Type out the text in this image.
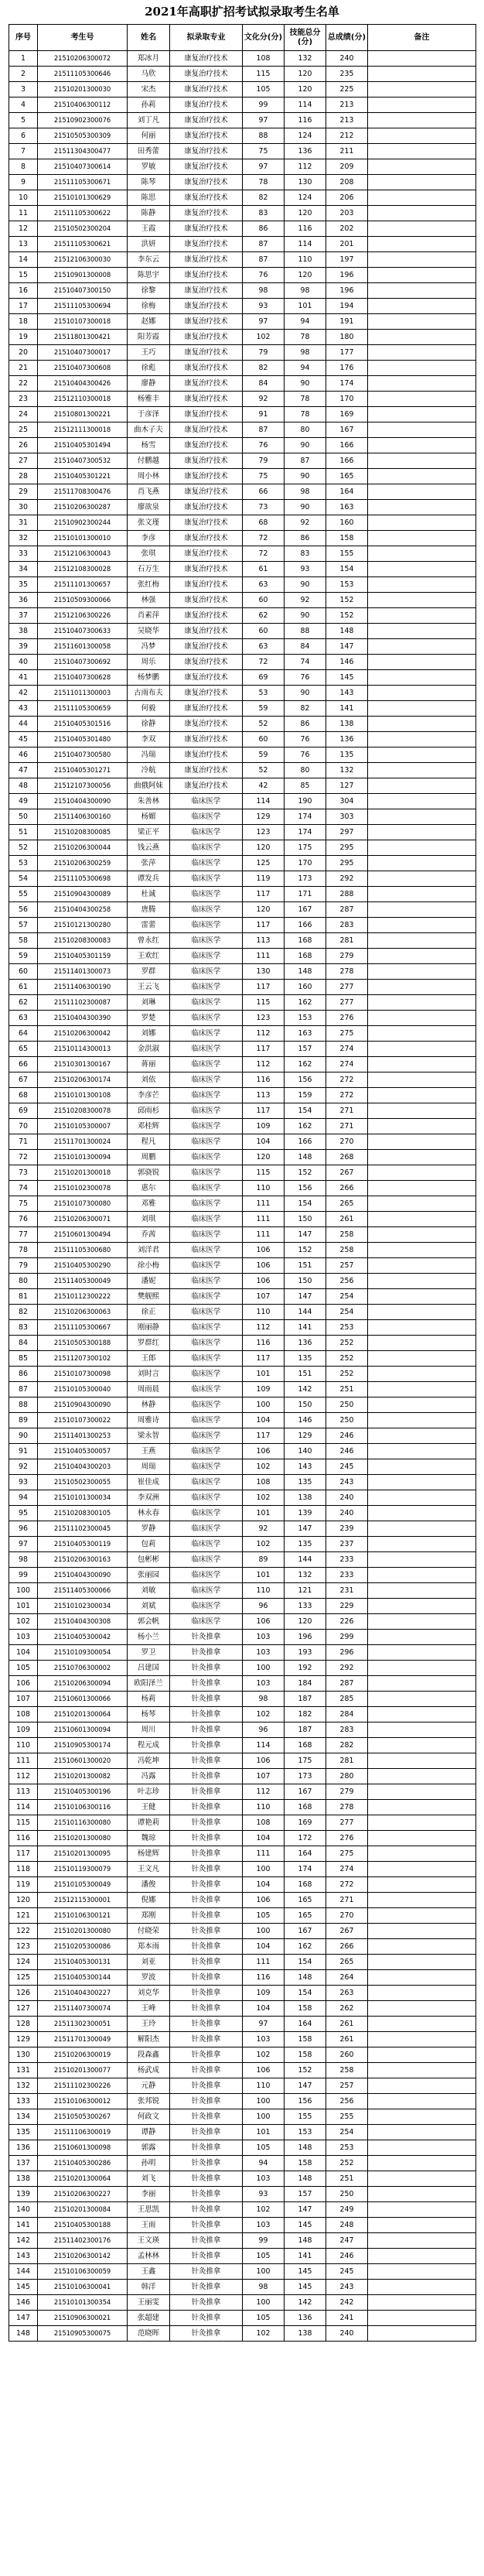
2021年高职扩招考试拟录取考生名单
序号	考生号	姓名	拟录取专业	文化分(分)	技能总分(分)	总成绩(分)	备注
1	21510206300072	郑冰月	康复治疗技术	108	132	240	
2	21511105300646	马欣	康复治疗技术	115	120	235	
3	21510201300030	宋杰	康复治疗技术	105	120	225	
4	21510406300112	孙莉	康复治疗技术	99	114	213	
5	21510902300076	刘丁凡	康复治疗技术	97	116	213	
6	21510505300309	何丽	康复治疗技术	88	124	212	
7	21511304300477	田秀蕾	康复治疗技术	75	136	211	
8	21510407300614	罗敏	康复治疗技术	97	112	209	
9	21511105300671	陈琴	康复治疗技术	78	130	208	
10	21510101300629	陈思	康复治疗技术	82	124	206	
11	21511105300622	陈静	康复治疗技术	83	120	203	
12	21510502300204	王霞	康复治疗技术	86	116	202	
13	21511105300621	洪妍	康复治疗技术	87	114	201	
14	21512106300030	李东云	康复治疗技术	87	110	197	
15	21510901300008	陈思宇	康复治疗技术	76	120	196	
16	21510407300150	徐黎	康复治疗技术	98	98	196	
17	21511105300694	徐梅	康复治疗技术	93	101	194	
18	21510107300018	赵娜	康复治疗技术	97	94	191	
19	21511801300421	阳芳霞	康复治疗技术	102	78	180	
20	21510407300017	王巧	康复治疗技术	79	98	177	
21	21510407300608	徐彪	康复治疗技术	82	94	176	
22	21510404300426	廖静	康复治疗技术	84	90	174	
23	21512110300018	杨雅丰	康复治疗技术	92	78	170	
24	21510801300221	于彦泽	康复治疗技术	91	78	169	
25	21512111300018	曲木子夫	康复治疗技术	87	80	167	
26	21510405301494	杨雪	康复治疗技术	76	90	166	
27	21510407300532	付鹏越	康复治疗技术	79	87	166	
28	21510405301221	周小林	康复治疗技术	75	90	165	
29	21511708300476	肖飞燕	康复治疗技术	66	98	164	
30	21510206300287	廖欲泉	康复治疗技术	73	90	163	
31	21510902300244	张文瑾	康复治疗技术	68	92	160	
32	21510101300010	李彦	康复治疗技术	72	86	158	
33	21512106300043	张琪	康复治疗技术	72	83	155	
34	21512108300028	石万生	康复治疗技术	61	93	154	
35	21511101300657	张红梅	康复治疗技术	63	90	153	
36	21510509300066	林强	康复治疗技术	60	92	152	
37	21512106300226	肖素萍	康复治疗技术	62	90	152	
38	21510407300633	吴晓华	康复治疗技术	60	88	148	
39	21511601300058	冯梦	康复治疗技术	63	84	147	
40	21510407300692	周乐	康复治疗技术	72	74	146	
41	21510407300628	杨梦鹏	康复治疗技术	69	76	145	
42	21511011300003	古雨布夫	康复治疗技术	53	90	143	
43	21511105300659	何毅	康复治疗技术	59	82	141	
44	21510405301516	徐静	康复治疗技术	52	86	138	
45	21510405301480	李双	康复治疗技术	60	76	136	
46	21510407300580	冯瑞	康复治疗技术	59	76	135	
47	21510405301271	冷航	康复治疗技术	52	80	132	
48	21512107300056	曲俄阿妹	康复治疗技术	42	85	127	
49	21510404300090	朱善林	临床医学	114	190	304	
50	21511406300160	杨媚	临床医学	129	174	303	
51	21510208300085	梁正平	临床医学	123	174	297	
52	21510206300044	钱云燕	临床医学	120	175	295	
53	21510206300259	张萍	临床医学	125	170	295	
54	21511105300698	谭发兵	临床医学	119	173	292	
55	21510904300089	杜诚	临床医学	117	171	288	
56	21510404300258	唐腾	临床医学	120	167	287	
57	21510121300280	雷蕾	临床医学	117	166	283	
58	21510208300083	曾永红	临床医学	113	168	281	
59	21510405301159	王欢红	临床医学	111	168	279	
60	21511401300073	罗群	临床医学	130	148	278	
61	21511406300190	王云飞	临床医学	117	160	277	
62	21511102300087	刘琳	临床医学	115	162	277	
63	21510404300390	罗楚	临床医学	123	153	276	
64	21510206300042	刘娜	临床医学	112	163	275	
65	21510114300013	金洪淑	临床医学	117	157	274	
66	21510301300167	蒋丽	临床医学	112	162	274	
67	21510206300174	刘依	临床医学	116	156	272	
68	21510101300108	李彦芒	临床医学	113	159	272	
69	21510208300078	邱雨杉	临床医学	117	154	271	
70	21510105300007	邓桂辉	临床医学	109	162	271	
71	21511701300024	程凡	临床医学	104	166	270	
72	21510101300094	周鹏	临床医学	120	148	268	
73	21510201300018	郭骁锐	临床医学	115	152	267	
74	21510102300078	惠尔	临床医学	110	156	266	
75	21510107300080	邓雅	临床医学	111	154	265	
76	21510206300071	刘琪	临床医学	111	150	261	
77	21510601300494	乔茜	临床医学	111	147	258	
78	21511105300680	刘洋君	临床医学	106	152	258	
79	21510405300290	徐小梅	临床医学	106	151	257	
80	21511405300049	潘妮	临床医学	106	150	256	
81	21510112300222	樊舰熙	临床医学	107	147	254	
82	21510206300063	徐正	临床医学	110	144	254	
83	21511105300667	刚丽静	临床医学	112	141	253	
84	21510505300188	罗群红	临床医学	116	136	252	
85	21511207300102	王郎	临床医学	117	135	252	
86	21510107300098	刘时言	临床医学	101	151	252	
87	21510105300040	周雨晨	临床医学	109	142	251	
88	21510904300090	林静	临床医学	100	150	250	
89	21510107300022	周雅诗	临床医学	104	146	250	
90	21511401300253	梁永智	临床医学	117	129	246	
91	21510405300057	王燕	临床医学	106	140	246	
92	21510404300203	周瑞	临床医学	102	143	245	
93	21510502300055	崔佳成	临床医学	108	135	243	
94	21510101300034	李双洲	临床医学	102	138	240	
95	21510208300105	林永春	临床医学	101	139	240	
96	21511102300045	罗静	临床医学	92	147	239	
97	21510405300119	包莉	临床医学	102	135	237	
98	21510206300163	包彬彬	临床医学	89	144	233	
99	21510404300090	张丽园	临床医学	101	132	233	
100	21511405300066	刘敏	临床医学	110	121	231	
101	21510102300034	刘斌	临床医学	96	133	229	
102	21510404300308	郭会帆	临床医学	106	120	226	
103	21510405300042	杨小兰	针灸推拿	103	196	299	
104	21510109300054	罗卫	针灸推拿	103	193	296	
105	21510706300002	吕建国	针灸推拿	100	192	292	
106	21510206300094	欧阳泽兰	针灸推拿	103	184	287	
107	21510601300066	杨莉	针灸推拿	98	187	285	
108	21510201300064	杨琴	针灸推拿	102	182	284	
109	21510601300094	周川	针灸推拿	96	187	283	
110	21510905300174	程元成	针灸推拿	114	168	282	
111	21510601300020	冯乾坤	针灸推拿	106	175	281	
112	21510201300082	冯露	针灸推拿	107	173	280	
113	21510405300196	叶志珍	针灸推拿	112	167	279	
114	21510106300116	王健	针灸推拿	110	168	278	
115	21510116300080	谭艳莉	针灸推拿	108	169	277	
116	21510201300080	魏琼	针灸推拿	104	172	276	
117	21510201300095	杨建辉	针灸推拿	111	164	275	
118	21510119300079	王文凡	针灸推拿	100	174	274	
119	21510105300049	潘俊	针灸推拿	104	168	272	
120	21512115300001	倪娜	针灸推拿	106	165	271	
121	21510106300121	郑刚	针灸推拿	105	165	270	
122	21510201300080	付晓荣	针灸推拿	100	167	267	
123	21510205300086	郑本雨	针灸推拿	104	162	266	
124	21510405300131	刘亚	针灸推拿	111	154	265	
125	21510405300144	罗波	针灸推拿	116	148	264	
126	21510404300227	刘克华	针灸推拿	109	154	263	
127	21511407300074	王峰	针灸推拿	104	158	262	
128	21511302300051	王玲	针灸推拿	97	164	261	
129	21511701300049	解阳杰	针灸推拿	103	158	261	
130	21510206300019	段森鑫	针灸推拿	102	158	260	
131	21510201300077	杨武成	针灸推拿	106	152	258	
132	21511102300226	元静	针灸推拿	110	147	257	
133	21510106300012	张邦锐	针灸推拿	100	156	256	
134	21510505300267	何政文	针灸推拿	100	155	255	
135	21511106300019	谭静	针灸推拿	101	153	254	
136	21510601300098	郭露	针灸推拿	105	148	253	
137	21510405300286	孙明	针灸推拿	94	158	252	
138	21510201300064	刘飞	针灸推拿	103	148	251	
139	21510206300227	李丽	针灸推拿	93	157	250	
140	21510201300084	王思凯	针灸推拿	102	147	249	
141	21510405300188	王雨	针灸推拿	103	145	248	
142	21511402300176	王文瑛	针灸推拿	99	148	247	
143	21510206300142	孟林林	针灸推拿	105	141	246	
144	21510106300059	王鑫	针灸推拿	100	145	245	
145	21510106300041	韩洋	针灸推拿	98	145	243	
146	21510101300354	王丽雯	针灸推拿	100	142	242	
147	21510906300021	张超建	针灸推拿	105	136	241	
148	21510905300075	范晓晖	针灸推拿	102	138	240	
